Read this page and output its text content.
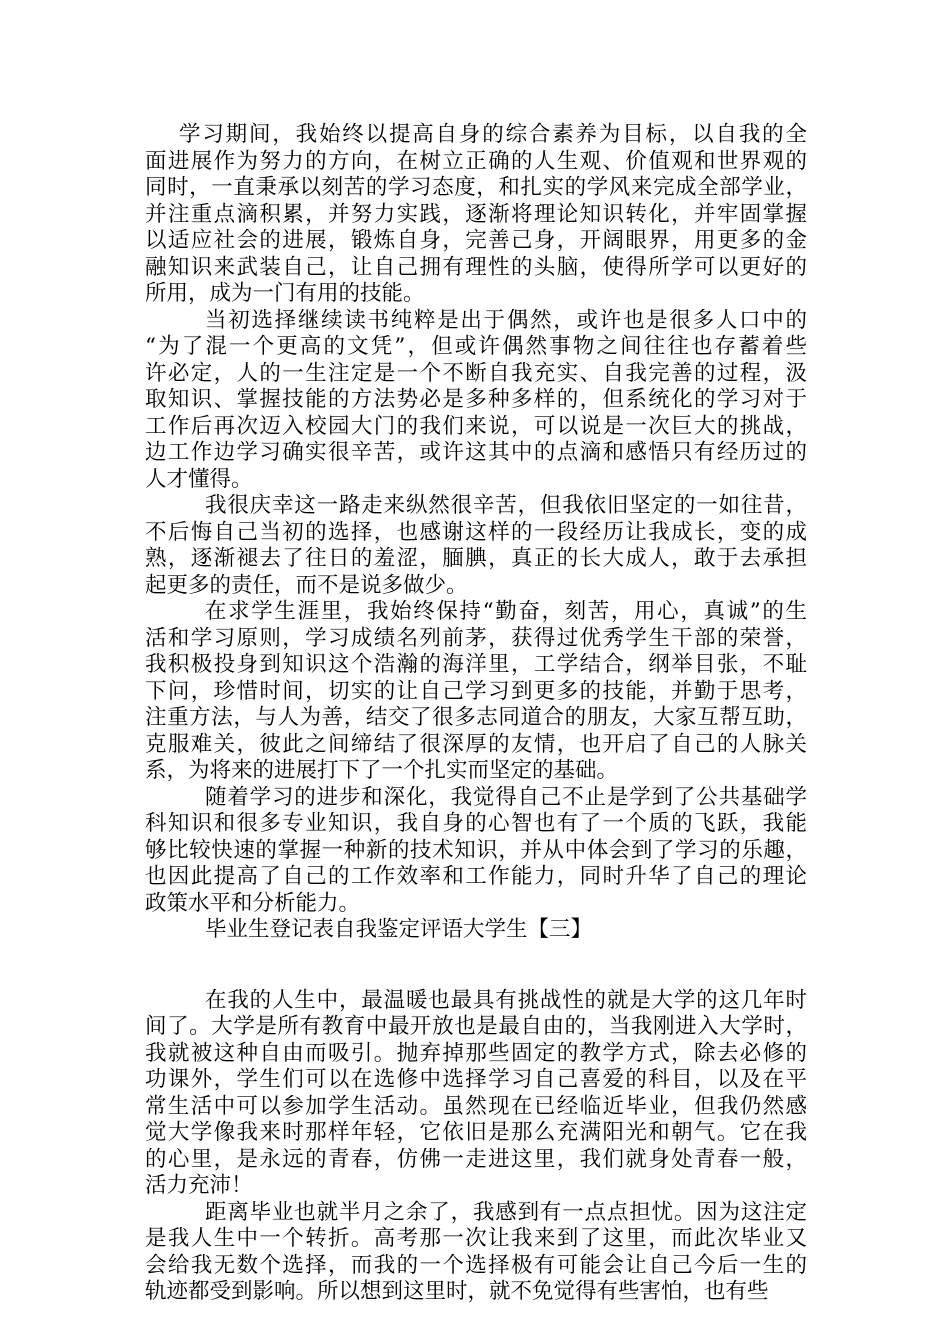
学习期间，我始终以提高自身的综合素养为目标，以自我的全
面进展作为努力的方向，在树立正确的人生观、价值观和世界观的
同时，一直秉承以刻苦的学习态度，和扎实的学风来完成全部学业，
并注重点滴积累，并努力实践，逐渐将理论知识转化，并牢固掌握
以适应社会的进展，锻炼自身，完善己身，开阔眼界，用更多的金
融知识来武装自己，让自己拥有理性的头脑，使得所学可以更好的
所用，成为一门有用的技能。
当初选择继续读书纯粹是出于偶然，或许也是很多人口中的
“为了混一个更高的文凭”，但或许偶然事物之间往往也存蓄着些
许必定，人的一生注定是一个不断自我充实、自我完善的过程，汲
取知识、掌握技能的方法势必是多种多样的，但系统化的学习对于
工作后再次迈入校园大门的我们来说，可以说是一次巨大的挑战，
边工作边学习确实很辛苦，或许这其中的点滴和感悟只有经历过的
人才懂得。
我很庆幸这一路走来纵然很辛苦，但我依旧坚定的一如往昔，
不后悔自己当初的选择，也感谢这样的一段经历让我成长，变的成
熟，逐渐褪去了往日的羞涩，腼腆，真正的长大成人，敢于去承担
起更多的责任，而不是说多做少。
在求学生涯里，我始终保持“勤奋，刻苦，用心，真诚”的生
活和学习原则，学习成绩名列前茅，获得过优秀学生干部的荣誉，
我积极投身到知识这个浩瀚的海洋里，工学结合，纲举目张，不耻
下问，珍惜时间，切实的让自己学习到更多的技能，并勤于思考，
注重方法，与人为善，结交了很多志同道合的朋友，大家互帮互助，
克服难关，彼此之间缔结了很深厚的友情，也开启了自己的人脉关
系，为将来的进展打下了一个扎实而坚定的基础。
随着学习的进步和深化，我觉得自己不止是学到了公共基础学
科知识和很多专业知识，我自身的心智也有了一个质的飞跃，我能
够比较快速的掌握一种新的技术知识，并从中体会到了学习的乐趣，
也因此提高了自己的工作效率和工作能力，同时升华了自己的理论
政策水平和分析能力。
毕业生登记表自我鉴定评语大学生【三】
在我的人生中，最温暖也最具有挑战性的就是大学的这几年时
间了。大学是所有教育中最开放也是最自由的，当我刚进入大学时，
我就被这种自由而吸引。抛弃掉那些固定的教学方式，除去必修的
功课外，学生们可以在选修中选择学习自己喜爱的科目，以及在平
常生活中可以参加学生活动。虽然现在已经临近毕业，但我仍然感
觉大学像我来时那样年轻，它依旧是那么充满阳光和朝气。它在我
的心里，是永远的青春，仿佛一走进这里，我们就身处青春一般，
活力充沛！
距离毕业也就半月之余了，我感到有一点点担忧。因为这注定
是我人生中一个转折。高考那一次让我来到了这里，而此次毕业又
会给我无数个选择，而我的一个选择极有可能会让自己今后一生的
轨迹都受到影响。所以想到这里时，就不免觉得有些害怕，也有些
